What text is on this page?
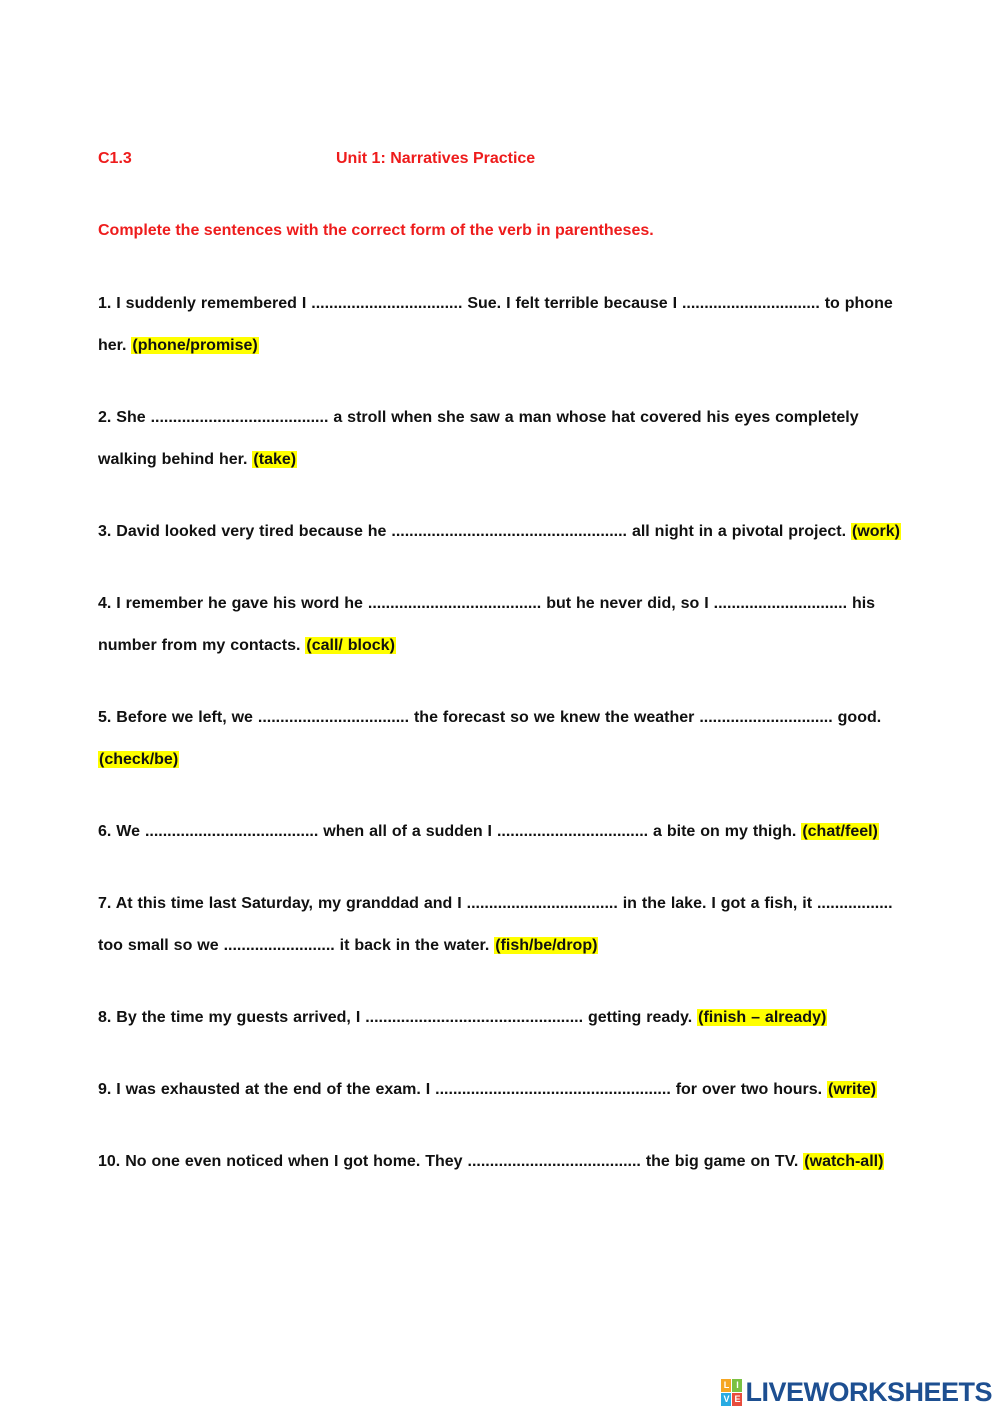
C1.3	Unit 1: Narratives Practice
Complete the sentences with the correct form of the verb in parentheses.
1. I suddenly remembered I .................................. Sue. I felt terrible because I ............................... to phone her. (phone/promise)
2. She ........................................ a stroll when she saw a man whose hat covered his eyes completely walking behind her. (take)
3. David looked very tired because he ..................................................... all night in a pivotal project. (work)
4. I remember he gave his word he ....................................... but he never did, so I .............................. his number from my contacts. (call/ block)
5. Before we left, we .................................. the forecast so we knew the weather .............................. good. (check/be)
6. We ....................................... when all of a sudden I .................................. a bite on my thigh. (chat/feel)
7. At this time last Saturday, my granddad and I .................................. in the lake. I got a fish, it ................. too small so we ......................... it back in the water. (fish/be/drop)
8. By the time my guests arrived, I ................................................. getting ready. (finish – already)
9. I was exhausted at the end of the exam. I ..................................................... for over two hours. (write)
10. No one even noticed when I got home. They ....................................... the big game on TV. (watch-all)
L I
V E LIVEWORKSHEETS
